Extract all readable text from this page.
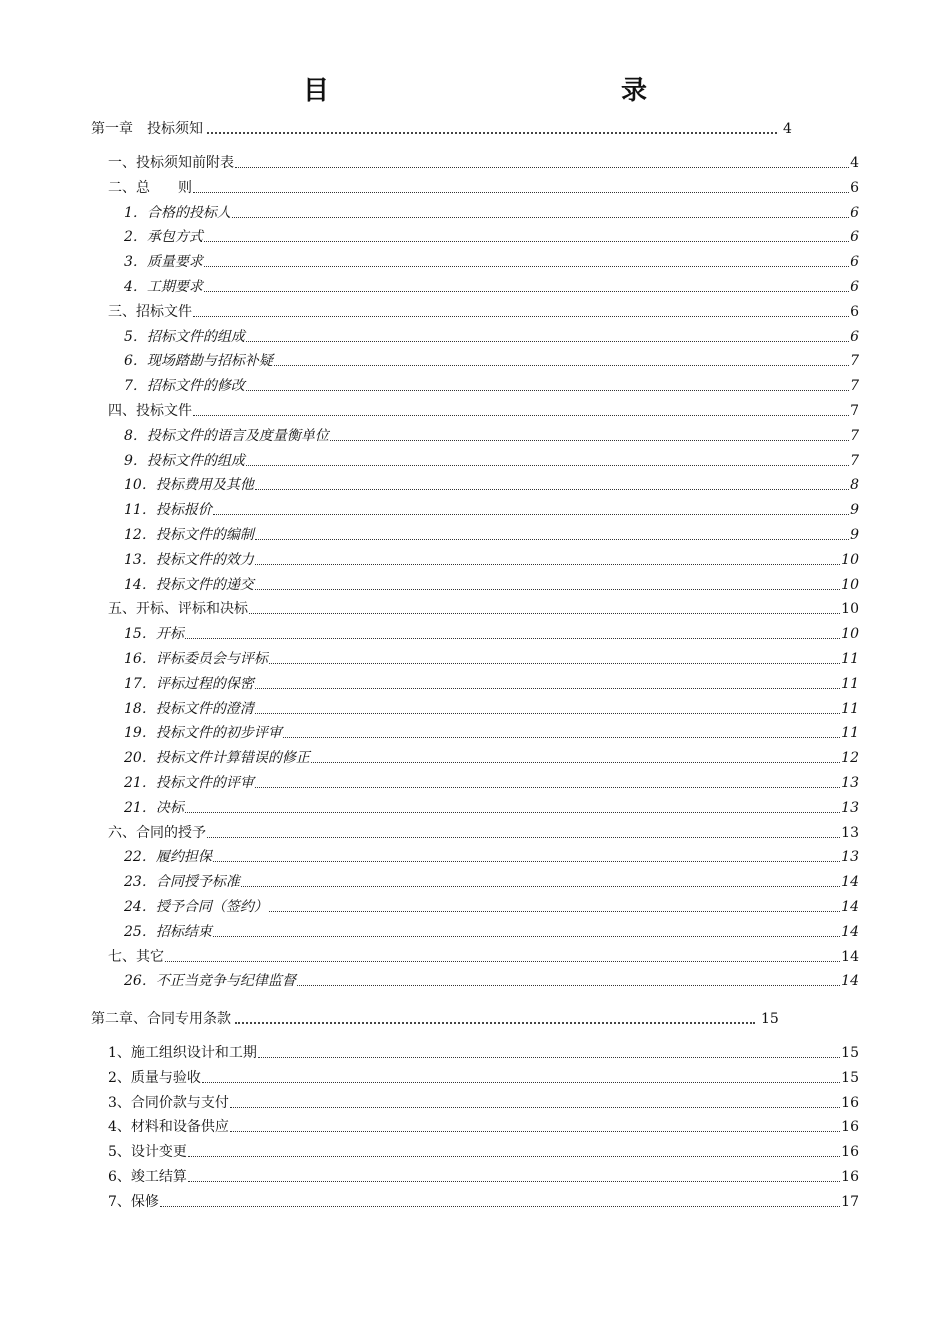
目　　录
第一章　投标须知	4
一、投标须知前附表	4
二、总　　则	6
1．合格的投标人	6
2．承包方式	6
3．质量要求	6
4．工期要求	6
三、招标文件	6
5．招标文件的组成	6
6．现场踏勘与招标补疑	7
7．招标文件的修改	7
四、投标文件	7
8．投标文件的语言及度量衡单位	7
9．投标文件的组成	7
10．投标费用及其他	8
11．投标报价	9
12．投标文件的编制	9
13．投标文件的效力	10
14．投标文件的递交	10
五、开标、评标和决标	10
15．开标	10
16．评标委员会与评标	11
17．评标过程的保密	11
18．投标文件的澄清	11
19．投标文件的初步评审	11
20．投标文件计算错误的修正	12
21．投标文件的评审	13
21．决标	13
六、合同的授予	13
22．履约担保	13
23．合同授予标准	14
24．授予合同（签约）	14
25．招标结束	14
七、其它	14
26．不正当竞争与纪律监督	14
第二章、合同专用条款	15
1、施工组织设计和工期	15
2、质量与验收	15
3、合同价款与支付	16
4、材料和设备供应	16
5、设计变更	16
6、竣工结算	16
7、保修	17
